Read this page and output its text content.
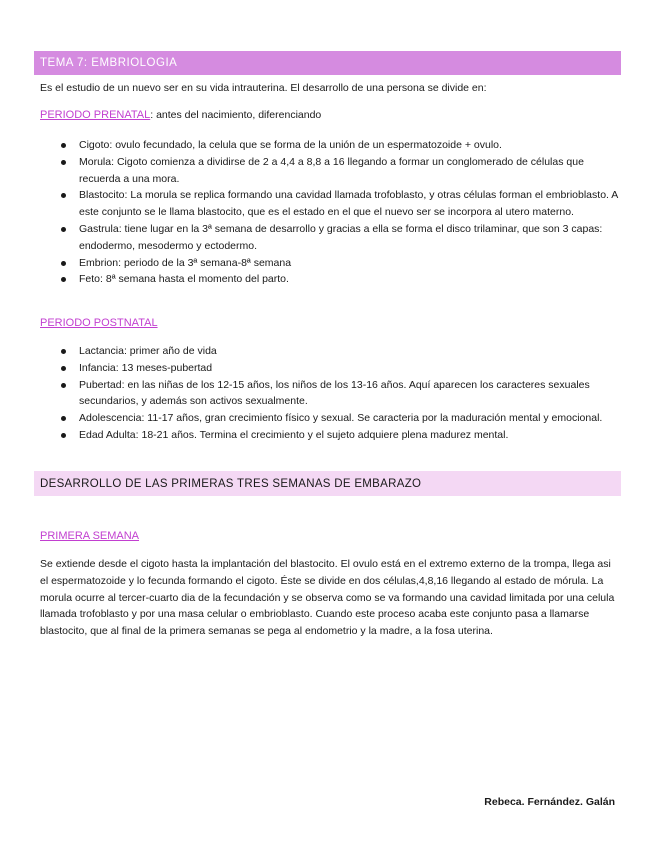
TEMA 7: EMBRIOLOGIA
Es el estudio de un nuevo ser en su vida intrauterina. El desarrollo de una persona se divide en:
PERIODO PRENATAL: antes del nacimiento, diferenciando
Cigoto: ovulo fecundado, la celula que se forma de la unión de un espermatozoide + ovulo.
Morula: Cigoto comienza a dividirse de 2 a 4,4 a 8,8 a 16 llegando a formar un conglomerado de células que recuerda a una mora.
Blastocito: La morula se replica formando una cavidad llamada trofoblasto, y otras células forman el embrioblasto. A este conjunto se le llama blastocito, que es el estado en el que el nuevo ser se incorpora al utero materno.
Gastrula: tiene lugar en la 3ª semana de desarrollo y gracias a ella se forma el disco trilaminar, que son 3 capas: endodermo, mesodermo y ectodermo.
Embrion: periodo de la 3ª semana-8ª semana
Feto: 8ª semana hasta el momento del parto.
PERIODO POSTNATAL
Lactancia: primer año de vida
Infancia: 13 meses-pubertad
Pubertad: en las niñas de los 12-15 años, los niños de los 13-16 años. Aquí aparecen los caracteres sexuales secundarios, y además son activos sexualmente.
Adolescencia: 11-17 años, gran crecimiento físico y sexual. Se caracteria por la maduración mental y emocional.
Edad Adulta: 18-21 años. Termina el crecimiento y el sujeto adquiere plena madurez mental.
DESARROLLO DE LAS PRIMERAS TRES SEMANAS DE EMBARAZO
PRIMERA SEMANA
Se extiende desde el cigoto hasta la implantación del blastocito. El ovulo está en el extremo externo de la trompa, llega asi el espermatozoide y lo fecunda formando el cigoto. Éste se divide en dos células,4,8,16 llegando al estado de mórula. La morula ocurre al tercer-cuarto dia de la fecundación y se observa como se va formando una cavidad limitada por una celula llamada trofoblasto y por una masa celular o embrioblasto. Cuando este proceso acaba este conjunto pasa a llamarse blastocito, que al final de la primera semanas se pega al endometrio y la madre, a la fosa uterina.
Rebeca. Fernández. Galán
